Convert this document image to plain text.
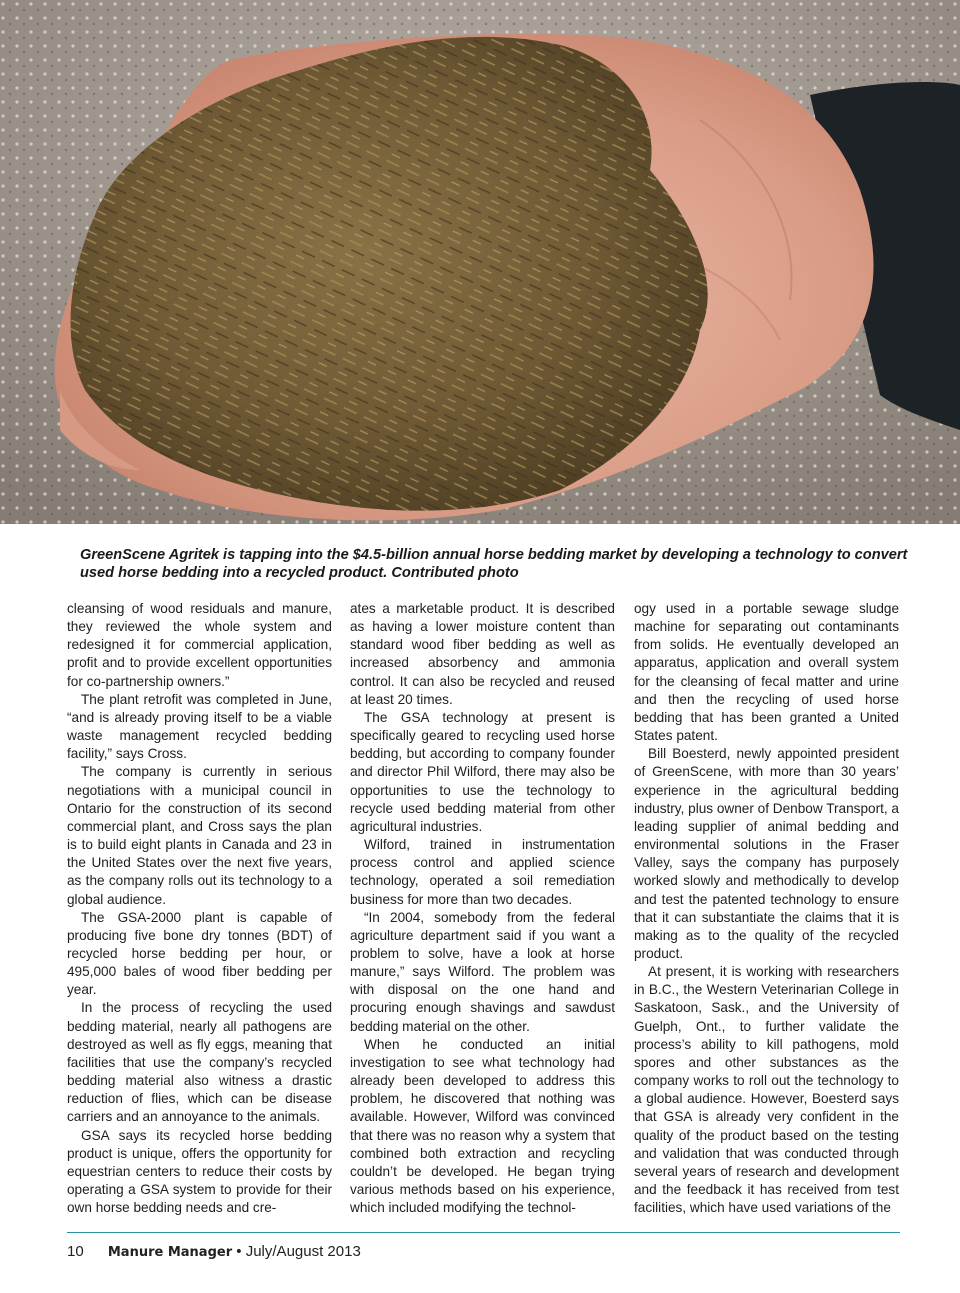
GreenScene Agritek is tapping into the $4.5-billion annual horse bedding market by developing a technology to convert used horse bedding into a recycled product. Contributed photo

cleansing of wood residuals and manure, they reviewed the whole system and redesigned it for commercial application, profit and to provide excellent opportunities for co-partnership owners.”

The plant retrofit was completed in June, “and is already proving itself to be a viable waste management recycled bedding facility,” says Cross.

The company is currently in serious negotiations with a municipal council in Ontario for the construction of its second commercial plant, and Cross says the plan is to build eight plants in Canada and 23 in the United States over the next five years, as the company rolls out its technology to a global audience.

The GSA-2000 plant is capable of producing five bone dry tonnes (BDT) of recycled horse bedding per hour, or 495,000 bales of wood fiber bedding per year.

In the process of recycling the used bedding material, nearly all pathogens are destroyed as well as fly eggs, meaning that facilities that use the company’s recycled bedding material also witness a drastic reduction of flies, which can be disease carriers and an annoyance to the animals.

GSA says its recycled horse bedding product is unique, offers the opportunity for equestrian centers to reduce their costs by operating a GSA system to provide for their own horse bedding needs and cre-

ates a marketable product. It is described as having a lower moisture content than standard wood fiber bedding as well as increased absorbency and ammonia control. It can also be recycled and reused at least 20 times.

The GSA technology at present is specifically geared to recycling used horse bedding, but according to company founder and director Phil Wilford, there may also be opportunities to use the technology to recycle used bedding material from other agricultural industries.

Wilford, trained in instrumentation process control and applied science technology, operated a soil remediation business for more than two decades.

“In 2004, somebody from the federal agriculture department said if you want a problem to solve, have a look at horse manure,” says Wilford. The problem was with disposal on the one hand and procuring enough shavings and sawdust bedding material on the other.

When he conducted an initial investigation to see what technology had already been developed to address this problem, he discovered that nothing was available. However, Wilford was convinced that there was no reason why a system that combined both extraction and recycling couldn’t be developed. He began trying various methods based on his experience, which included modifying the technol-

ogy used in a portable sewage sludge machine for separating out contaminants from solids. He eventually developed an apparatus, application and overall system for the cleansing of fecal matter and urine and then the recycling of used horse bedding that has been granted a United States patent.

Bill Boesterd, newly appointed president of GreenScene, with more than 30 years’ experience in the agricultural bedding industry, plus owner of Denbow Transport, a leading supplier of animal bedding and environmental solutions in the Fraser Valley, says the company has purposely worked slowly and methodically to develop and test the patented technology to ensure that it can substantiate the claims that it is making as to the quality of the recycled product.

At present, it is working with researchers in B.C., the Western Veterinarian College in Saskatoon, Sask., and the University of Guelph, Ont., to further validate the process’s ability to kill pathogens, mold spores and other substances as the company works to roll out the technology to a global audience. However, Boesterd says that GSA is already very confident in the quality of the product based on the testing and validation that was conducted through several years of research and development and the feedback it has received from test facilities, which have used variations of the

10 Manure Manager • July/August 2013
